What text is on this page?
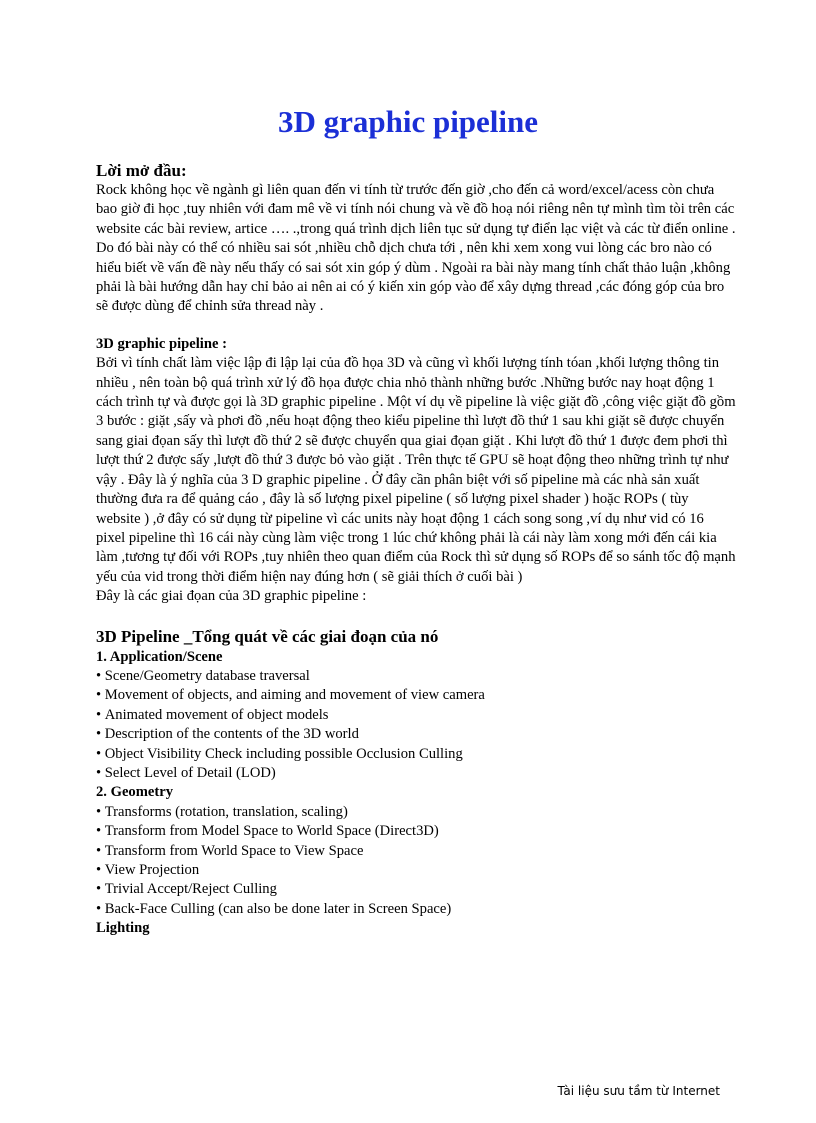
3D graphic pipeline

Lời mở đầu:

Rock không học về ngành gì liên quan đến vi tính từ trước đến giờ ,cho đến cả word/excel/acess còn chưa bao giờ đi học ,tuy nhiên với đam mê về vi tính nói chung và về đồ hoạ nói riêng nên tự mình tìm tòi trên các website các bài review, artice …. .,trong quá trình dịch liên tục sử dụng tự điển lạc việt và các từ điển online . Do đó bài này có thể có nhiều sai sót ,nhiều chỗ dịch chưa tới , nên khi xem xong vui lòng các bro nào có hiểu biết về vấn đề này nếu thấy có sai sót xin góp ý dùm . Ngoài ra bài này mang tính chất thảo luận ,không phải là bài hướng dẫn hay chỉ bảo ai nên ai có ý kiến xin góp vào để xây dựng thread ,các đóng góp của bro sẽ được dùng để chỉnh sửa thread này .

3D graphic pipeline :

Bởi vì tính chất làm việc lập đi lập lại của đồ họa 3D và cũng vì khối lượng tính tóan ,khối lượng thông tin nhiều , nên toàn bộ quá trình xử lý đồ họa được chia nhỏ thành những bước .Những bước nay hoạt động 1 cách trình tự và được gọi là 3D graphic pipeline . Một ví dụ về pipeline là việc giặt đồ ,công việc giặt đồ gồm 3 bước : giặt ,sấy và phơi đồ ,nếu hoạt động theo kiểu pipeline thì lượt đồ thứ 1 sau khi giặt sẽ được chuyển sang giai đọan sấy thì lượt đồ thứ 2 sẽ được chuyển qua giai đọan giặt . Khi lượt đồ thứ 1 được đem phơi thì lượt thứ 2 được sấy ,lượt đồ thứ 3 được bỏ vào giặt . Trên thực tế GPU sẽ hoạt động theo những trình tự như vậy . Đây là ý nghĩa của 3 D graphic pipeline . Ở đây cần phân biệt với số pipeline mà các nhà sản xuất thường đưa ra để quảng cáo , đây là số lượng pixel pipeline ( số lượng pixel shader ) hoặc ROPs ( tùy website ) ,ở đây có sử dụng từ pipeline vì các units này hoạt động 1 cách song song ,ví dụ như vid có 16 pixel pipeline thì 16 cái này cùng làm việc trong 1 lúc chứ không phải là cái này làm xong mới đến cái kia làm ,tương tự đối với ROPs ,tuy nhiên theo quan điểm của Rock thì sử dụng số ROPs để so sánh tốc độ mạnh yếu của vid trong thời điểm hiện nay đúng hơn ( sẽ giải thích ở cuối bài )

Đây là các giai đọan của 3D graphic pipeline :

3D Pipeline _Tổng quát về các giai đoạn của nó

1. Application/Scene

• Scene/Geometry database traversal
• Movement of objects, and aiming and movement of view camera
• Animated movement of object models
• Description of the contents of the 3D world
• Object Visibility Check including possible Occlusion Culling
• Select Level of Detail (LOD)

2. Geometry

• Transforms (rotation, translation, scaling)
• Transform from Model Space to World Space (Direct3D)
• Transform from World Space to View Space
• View Projection
• Trivial Accept/Reject Culling
• Back-Face Culling (can also be done later in Screen Space)

Lighting

Tài liệu sưu tầm từ Internet
